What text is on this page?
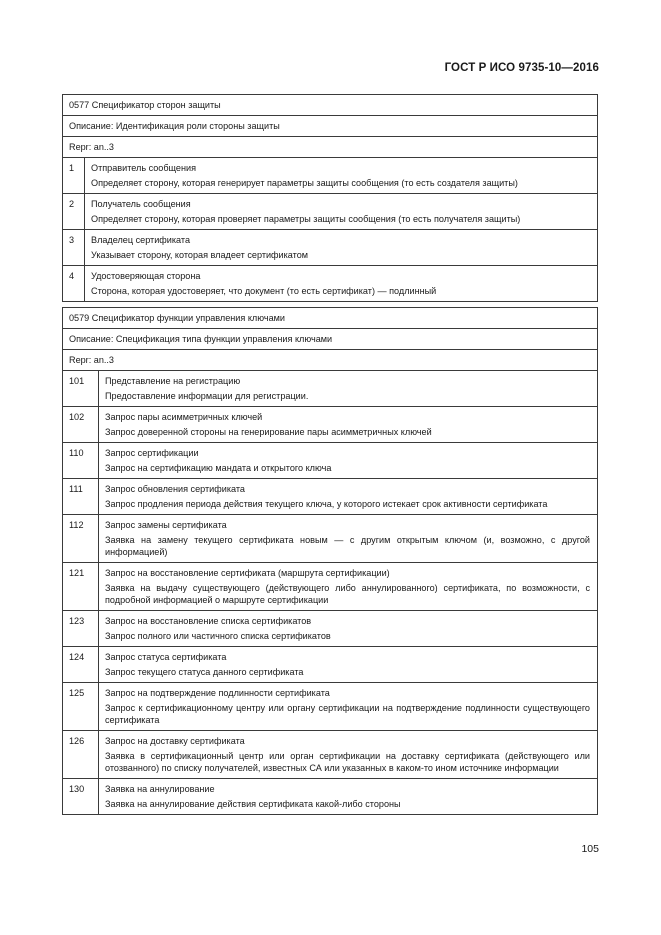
ГОСТ Р ИСО 9735-10—2016
0577 Спецификатор сторон защиты	
Описание: Идентификация роли стороны защиты	
Repr: an..3	
1	Отправитель сообщения
Определяет сторону, которая генерирует параметры защиты сообщения (то есть создателя защиты)

2	Получатель сообщения
Определяет сторону, которая проверяет параметры защиты сообщения (то есть получателя защиты)

3	Владелец сертификата
Указывает сторону, которая владеет сертификатом

4	Удостоверяющая сторона
Сторона, которая удостоверяет, что документ (то есть сертификат) — подлинный
0579 Спецификатор функции управления ключами	
Описание: Спецификация типа функции управления ключами	
Repr: an..3	
101	Представление на регистрацию
Предоставление информации для регистрации.

102	Запрос пары асимметричных ключей
Запрос доверенной стороны на генерирование пары асимметричных ключей

110	Запрос сертификации
Запрос на сертификацию мандата и открытого ключа

111	Запрос обновления сертификата
Запрос продления периода действия текущего ключа, у которого истекает срок активности сертификата

112	Запрос замены сертификата
Заявка на замену текущего сертификата новым — с другим открытым ключом (и, возможно, с другой информацией)

121	Запрос на восстановление сертификата (маршрута сертификации)
Заявка на выдачу существующего (действующего либо аннулированного) сертификата, по возможности, с подробной информацией о маршруте сертификации

123	Запрос на восстановление списка сертификатов
Запрос полного или частичного списка сертификатов

124	Запрос статуса сертификата
Запрос текущего статуса данного сертификата

125	Запрос на подтверждение подлинности сертификата
Запрос к сертификационному центру или органу сертификации на подтверждение подлинности существующего сертификата

126	Запрос на доставку сертификата
Заявка в сертификационный центр или орган сертификации на доставку сертификата (действующего или отозванного) по списку получателей, известных СА или указанных в каком-то ином источнике информации

130	Заявка на аннулирование
Заявка на аннулирование действия сертификата какой-либо стороны
105
